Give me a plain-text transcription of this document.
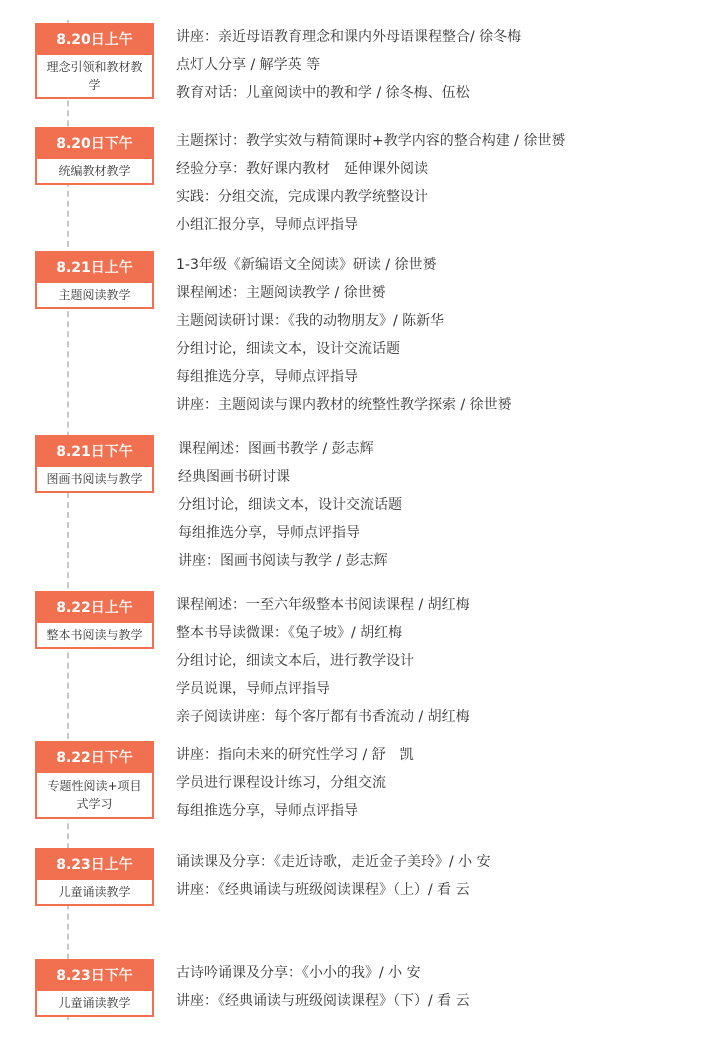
8.20日上午
理念引领和教材教学
讲座：亲近母语教育理念和课内外母语课程整合/ 徐冬梅
点灯人分享 / 解学英 等
教育对话：儿童阅读中的教和学 / 徐冬梅、伍松
8.20日下午
统编教材教学
主题探讨：教学实效与精简课时+教学内容的整合构建 / 徐世赟
经验分享：教好课内教材　延伸课外阅读
实践：分组交流，完成课内教学统整设计
小组汇报分享，导师点评指导
8.21日上午
主题阅读教学
1-3年级《新编语文全阅读》研读 / 徐世赟
课程阐述：主题阅读教学 / 徐世赟
主题阅读研讨课：《我的动物朋友》/ 陈新华
分组讨论，细读文本，设计交流话题
每组推选分享，导师点评指导
讲座：主题阅读与课内教材的统整性教学探索 / 徐世赟
8.21日下午
图画书阅读与教学
课程阐述：图画书教学 / 彭志辉
经典图画书研讨课
分组讨论，细读文本，设计交流话题
每组推选分享，导师点评指导
讲座：图画书阅读与教学 / 彭志辉
8.22日上午
整本书阅读与教学
课程阐述：一至六年级整本书阅读课程 / 胡红梅
整本书导读微课：《兔子坡》/ 胡红梅
分组讨论，细读文本后，进行教学设计
学员说课，导师点评指导
亲子阅读讲座：每个客厅都有书香流动 / 胡红梅
8.22日下午
专题性阅读+项目式学习
讲座：指向未来的研究性学习 / 舒　凯
学员进行课程设计练习，分组交流
每组推选分享，导师点评指导
8.23日上午
儿童诵读教学
诵读课及分享：《走近诗歌，走近金子美玲》/ 小 安
讲座：《经典诵读与班级阅读课程》（上）/ 看 云
8.23日下午
儿童诵读教学
古诗吟诵课及分享：《小小的我》/ 小 安
讲座：《经典诵读与班级阅读课程》（下）/ 看 云
